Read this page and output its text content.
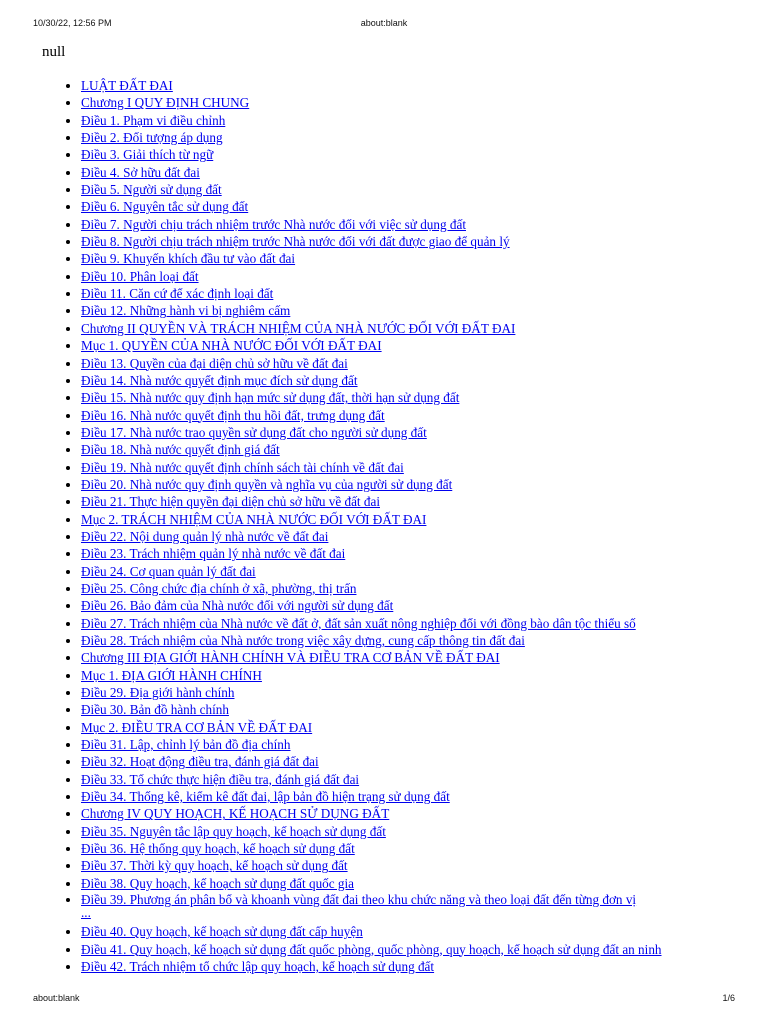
10/30/22, 12:56 PM	about:blank
null
• LUẬT ĐẤT ĐAI
• Chương I QUY ĐỊNH CHUNG
• Điều 1. Phạm vi điều chỉnh
• Điều 2. Đối tượng áp dụng
• Điều 3. Giải thích từ ngữ
• Điều 4. Sở hữu đất đai
• Điều 5. Người sử dụng đất
• Điều 6. Nguyên tắc sử dụng đất
• Điều 7. Người chịu trách nhiệm trước Nhà nước đối với việc sử dụng đất
• Điều 8. Người chịu trách nhiệm trước Nhà nước đối với đất được giao để quản lý
• Điều 9. Khuyến khích đầu tư vào đất đai
• Điều 10. Phân loại đất
• Điều 11. Căn cứ để xác định loại đất
• Điều 12. Những hành vi bị nghiêm cấm
• Chương II QUYỀN VÀ TRÁCH NHIỆM CỦA NHÀ NƯỚC ĐỐI VỚI ĐẤT ĐAI
• Mục 1. QUYỀN CỦA NHÀ NƯỚC ĐỐI VỚI ĐẤT ĐAI
• Điều 13. Quyền của đại diện chủ sở hữu về đất đai
• Điều 14. Nhà nước quyết định mục đích sử dụng đất
• Điều 15. Nhà nước quy định hạn mức sử dụng đất, thời hạn sử dụng đất
• Điều 16. Nhà nước quyết định thu hồi đất, trưng dụng đất
• Điều 17. Nhà nước trao quyền sử dụng đất cho người sử dụng đất
• Điều 18. Nhà nước quyết định giá đất
• Điều 19. Nhà nước quyết định chính sách tài chính về đất đai
• Điều 20. Nhà nước quy định quyền và nghĩa vụ của người sử dụng đất
• Điều 21. Thực hiện quyền đại diện chủ sở hữu về đất đai
• Mục 2. TRÁCH NHIỆM CỦA NHÀ NƯỚC ĐỐI VỚI ĐẤT ĐAI
• Điều 22. Nội dung quản lý nhà nước về đất đai
• Điều 23. Trách nhiệm quản lý nhà nước về đất đai
• Điều 24. Cơ quan quản lý đất đai
• Điều 25. Công chức địa chính ở xã, phường, thị trấn
• Điều 26. Bảo đảm của Nhà nước đối với người sử dụng đất
• Điều 27. Trách nhiệm của Nhà nước về đất ở, đất sản xuất nông nghiệp đối với đồng bào dân tộc thiểu số
• Điều 28. Trách nhiệm của Nhà nước trong việc xây dựng, cung cấp thông tin đất đai
• Chương III ĐỊA GIỚI HÀNH CHÍNH VÀ ĐIỀU TRA CƠ BẢN VỀ ĐẤT ĐAI
• Mục 1. ĐỊA GIỚI HÀNH CHÍNH
• Điều 29. Địa giới hành chính
• Điều 30. Bản đồ hành chính
• Mục 2. ĐIỀU TRA CƠ BẢN VỀ ĐẤT ĐAI
• Điều 31. Lập, chỉnh lý bản đồ địa chính
• Điều 32. Hoạt động điều tra, đánh giá đất đai
• Điều 33. Tổ chức thực hiện điều tra, đánh giá đất đai
• Điều 34. Thống kê, kiểm kê đất đai, lập bản đồ hiện trạng sử dụng đất
• Chương IV QUY HOẠCH, KẾ HOẠCH SỬ DỤNG ĐẤT
• Điều 35. Nguyên tắc lập quy hoạch, kế hoạch sử dụng đất
• Điều 36. Hệ thống quy hoạch, kế hoạch sử dụng đất
• Điều 37. Thời kỳ quy hoạch, kế hoạch sử dụng đất
• Điều 38. Quy hoạch, kế hoạch sử dụng đất quốc gia
• Điều 39. Phương án phân bổ và khoanh vùng đất đai theo khu chức năng và theo loại đất đến từng đơn vị
...
• Điều 40. Quy hoạch, kế hoạch sử dụng đất cấp huyện
• Điều 41. Quy hoạch, kế hoạch sử dụng đất quốc phòng, quốc phòng, quy hoạch, kế hoạch sử dụng đất an ninh
• Điều 42. Trách nhiệm tổ chức lập quy hoạch, kế hoạch sử dụng đất
about:blank	1/6
